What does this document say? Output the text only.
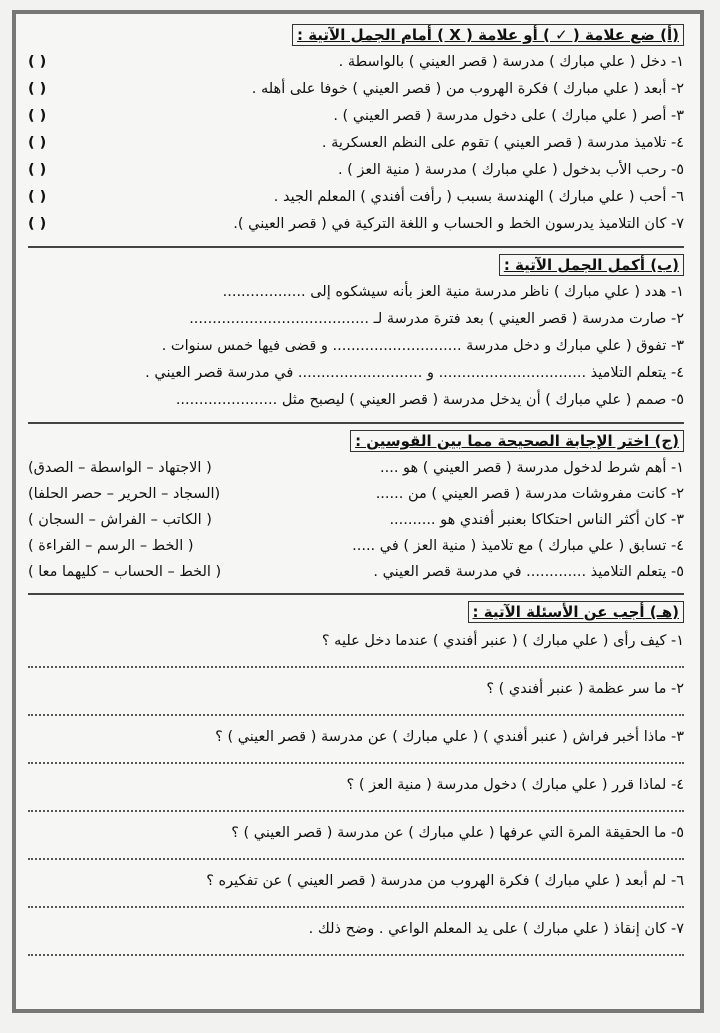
(أ) ضع علامة ( ✓ ) أو علامة ( X ) أمام الجمل الآتية :
١- دخل ( علي مبارك ) مدرسة ( قصر العيني ) بالواسطة .
( )
٢- أبعد ( علي مبارك ) فكرة الهروب من ( قصر العيني ) خوفا على أهله .
( )
٣- أصر ( علي مبارك ) على دخول مدرسة ( قصر العيني ) .
( )
٤- تلاميذ مدرسة ( قصر العيني ) تقوم على النظم العسكرية .
( )
٥- رحب الأب بدخول ( علي مبارك ) مدرسة ( منية العز ) .
( )
٦- أحب ( علي مبارك ) الهندسة بسبب ( رأفت أفندي ) المعلم الجيد .
( )
٧- كان التلاميذ يدرسون الخط و الحساب و اللغة التركية في ( قصر العيني ).
( )
(ب) أكمل الجمل الآتية :
١- هدد ( علي مبارك ) ناظر مدرسة منية العز بأنه سيشكوه إلى ..................
٢- صارت مدرسة ( قصر العيني ) بعد فترة مدرسة لـ .......................................
٣- تفوق ( علي مبارك و دخل مدرسة ............................ و قضى فيها خمس سنوات .
٤- يتعلم التلاميذ ................................ و ........................... في مدرسة قصر العيني .
٥- صمم ( علي مبارك ) أن يدخل مدرسة ( قصر العيني ) ليصبح مثل ......................
(ج) اختر الإجابة الصحيحة مما بين القوسين :
١- أهم شرط لدخول مدرسة ( قصر العيني ) هو ....
( الاجتهاد – الواسطة – الصدق)
٢- كانت مفروشات مدرسة ( قصر العيني ) من ......
(السجاد – الحرير – حصر الحلفا)
٣- كان أكثر الناس احتكاكا بعنبر أفندي هو ..........
( الكاتب – الفراش – السجان )
٤- تسابق ( علي مبارك ) مع تلاميذ ( منية العز ) في .....
( الخط – الرسم – القراءة )
٥- يتعلم التلاميذ ............. في مدرسة قصر العيني .
( الخط – الحساب – كليهما معا )
(هـ) أجب عن الأسئلة الآتية :
١- كيف رأى ( علي مبارك ) ( عنبر أفندي ) عندما دخل عليه ؟
٢- ما سر عظمة ( عنبر أفندي ) ؟
٣- ماذا أخبر فراش ( عنبر أفندي ) ( علي مبارك ) عن مدرسة ( قصر العيني ) ؟
٤- لماذا قرر ( علي مبارك ) دخول مدرسة ( منية العز ) ؟
٥- ما الحقيقة المرة التي عرفها ( علي مبارك ) عن مدرسة ( قصر العيني ) ؟
٦- لم أبعد ( علي مبارك ) فكرة الهروب من مدرسة ( قصر العيني ) عن تفكيره ؟
٧- كان إنقاذ ( علي مبارك ) على يد المعلم الواعي . وضح ذلك .
